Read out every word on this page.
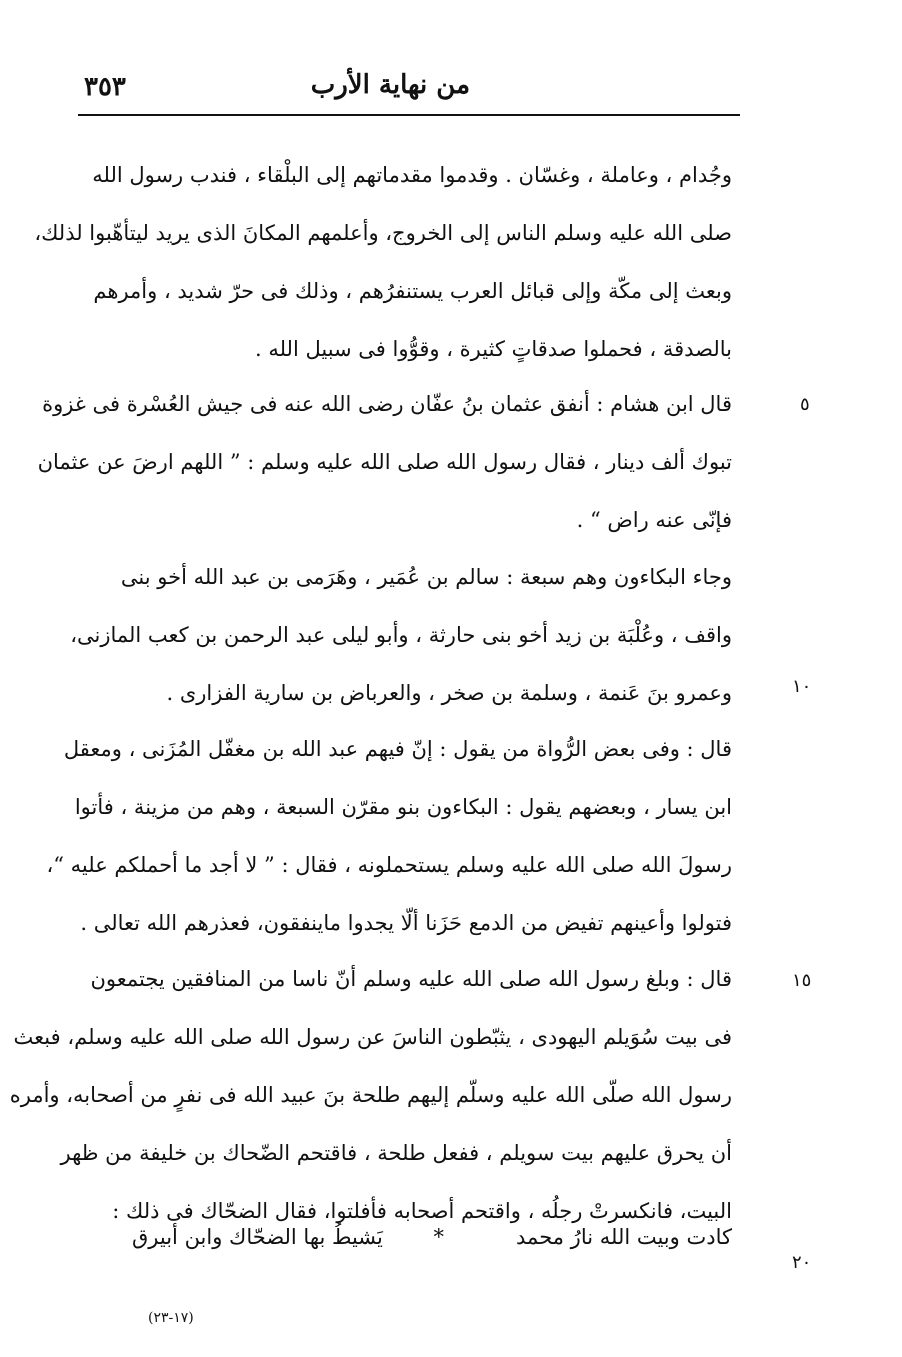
٣٥٣	من نهاية الأرب
وجُدام ، وعاملة ، وغسّان . وقدموا مقدماتهم إلى البلْقاء ، فندب رسول الله
صلى الله عليه وسلم الناس إلى الخروج، وأعلمهم المكانَ الذى يريد ليتأهّبوا لذلك،
وبعث إلى مكّة وإلى قبائل العرب يستنفرُهم ، وذلك فى حرّ شديد ، وأمرهم
بالصدقة ، فحملوا صدقاتٍ كثيرة ، وقوُّوا فى سبيل الله .
قال ابن هشام : أنفق عثمان بنُ عفّان رضى الله عنه فى جيش العُسْرة فى غزوة
تبوك ألف دينار ، فقال رسول الله صلى الله عليه وسلم : ” اللهم ارضَ عن عثمان
فإنّى عنه راض “ .
وجاء البكاءون وهم سبعة : سالم بن عُمَير ، وهَرَمى بن عبد الله أخو بنى
واقف ، وعُلْبَة بن زيد أخو بنى حارثة ، وأبو ليلى عبد الرحمن بن كعب المازنى،
وعمرو بنَ عَنمة ، وسلمة بن صخر ، والعرباض بن سارية الفزارى .
قال : وفى بعض الرُّواة من يقول : إنّ فيهم عبد الله بن مغفّل المُزَنى ، ومعقل
ابن يسار ، وبعضهم يقول : البكاءون بنو مقرّن السبعة ، وهم من مزينة ، فأتوا
رسولَ الله صلى الله عليه وسلم يستحملونه ، فقال : ” لا أجد ما أحملكم عليه “،
فتولوا وأعينهم تفيض من الدمع حَزَنا ألّا يجدوا ماينفقون، فعذرهم الله تعالى .
قال : وبلغ رسول الله صلى الله عليه وسلم أنّ ناسا من المنافقين يجتمعون
فى بيت سُوَيلم اليهودى ، يثبّطون الناسَ عن رسول الله صلى الله عليه وسلم، فبعث
رسول الله صلّى الله عليه وسلّم إليهم طلحة بنَ عبيد الله فى نفرٍ من أصحابه، وأمره
أن يحرق عليهم بيت سويلم ، ففعل طلحة ، فاقتحم الضّحاك بن خليفة من ظهر
البيت، فانكسرتْ رجلُه ، واقتحم أصحابه فأفلتوا، فقال الضحّاك فى ذلك :
كادت وبيت الله نارُ محمد
*
يَشيطُ بها الضحّاك وابن أبيرق
٥
١٠
١٥
٢٠
(١٧-٢٣)
